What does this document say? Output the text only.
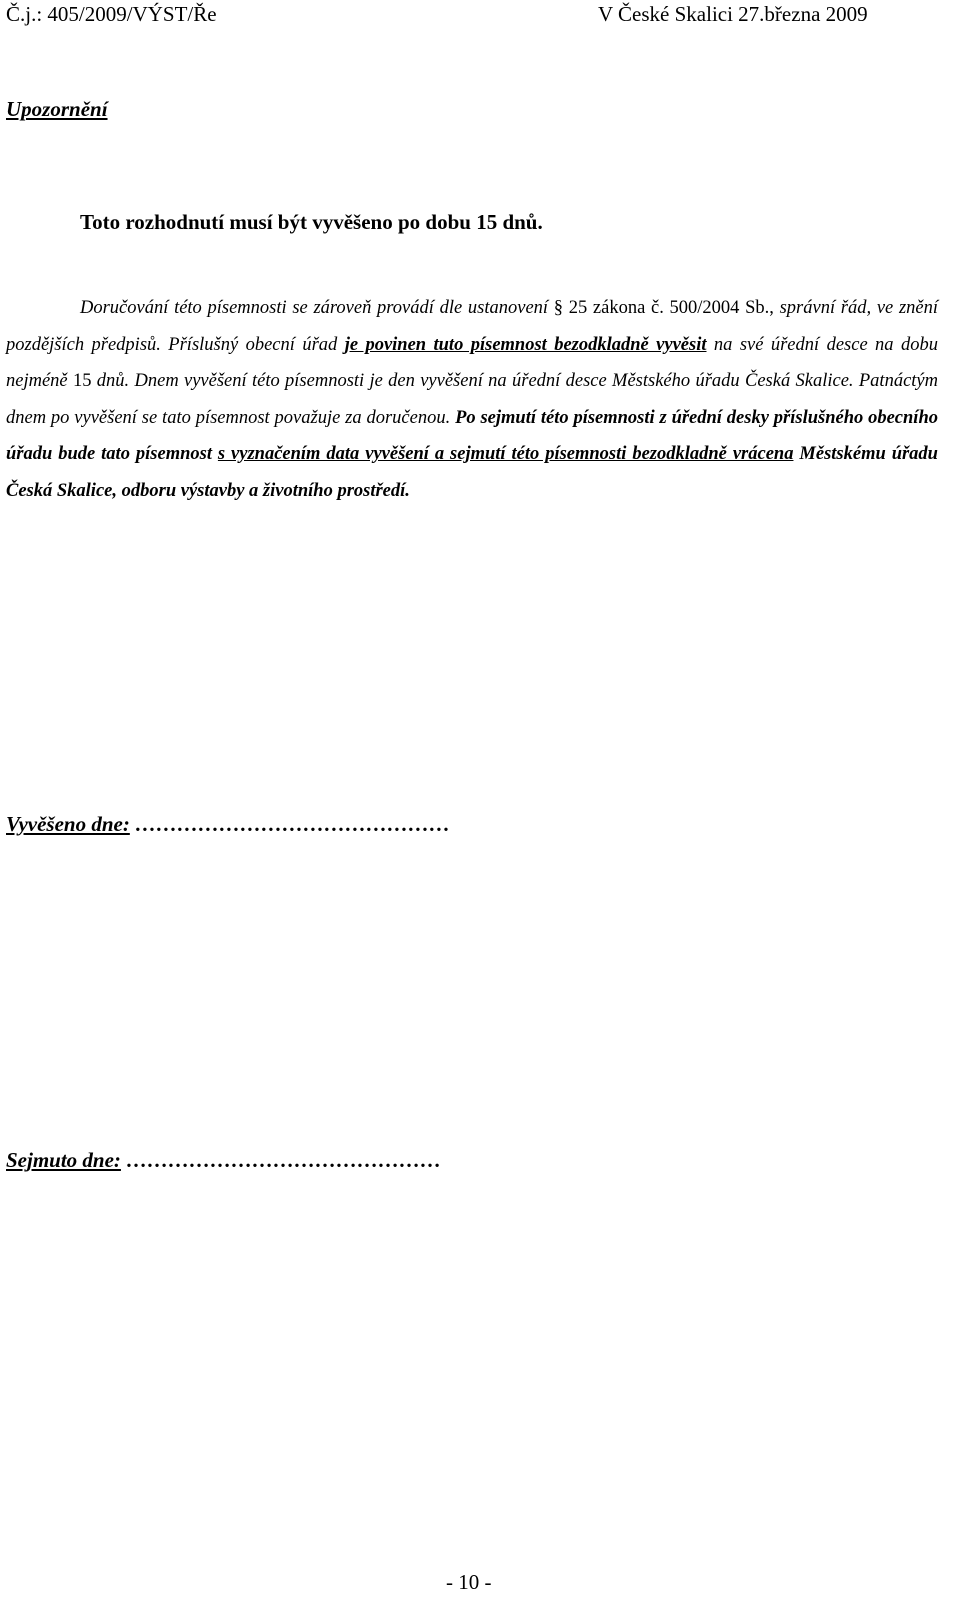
Č.j.: 405/2009/VÝST/Ře	V České Skalici 27.března 2009
Upozornění
Toto rozhodnutí musí být vyvěšeno po dobu 15 dnů.
Doručování této písemnosti se zároveň provádí dle ustanovení § 25 zákona č. 500/2004 Sb., správní řád, ve znění pozdějších předpisů. Příslušný obecní úřad je povinen tuto písemnost bezodkladně vyvěsit na své úřední desce na dobu nejméně 15 dnů. Dnem vyvěšení této písemnosti je den vyvěšení na úřední desce Městského úřadu Česká Skalice. Patnáctým dnem po vyvěšení se tato písemnost považuje za doručenou. Po sejmutí této písemnosti z úřední desky příslušného obecního úřadu bude tato písemnost s vyznačením data vyvěšení a sejmutí této písemnosti bezodkladně vrácena Městskému úřadu Česká Skalice, odboru výstavby a životního prostředí.
Vyvěšeno dne: ………………………………………
Sejmuto dne: ………………………………………
- 10 -
